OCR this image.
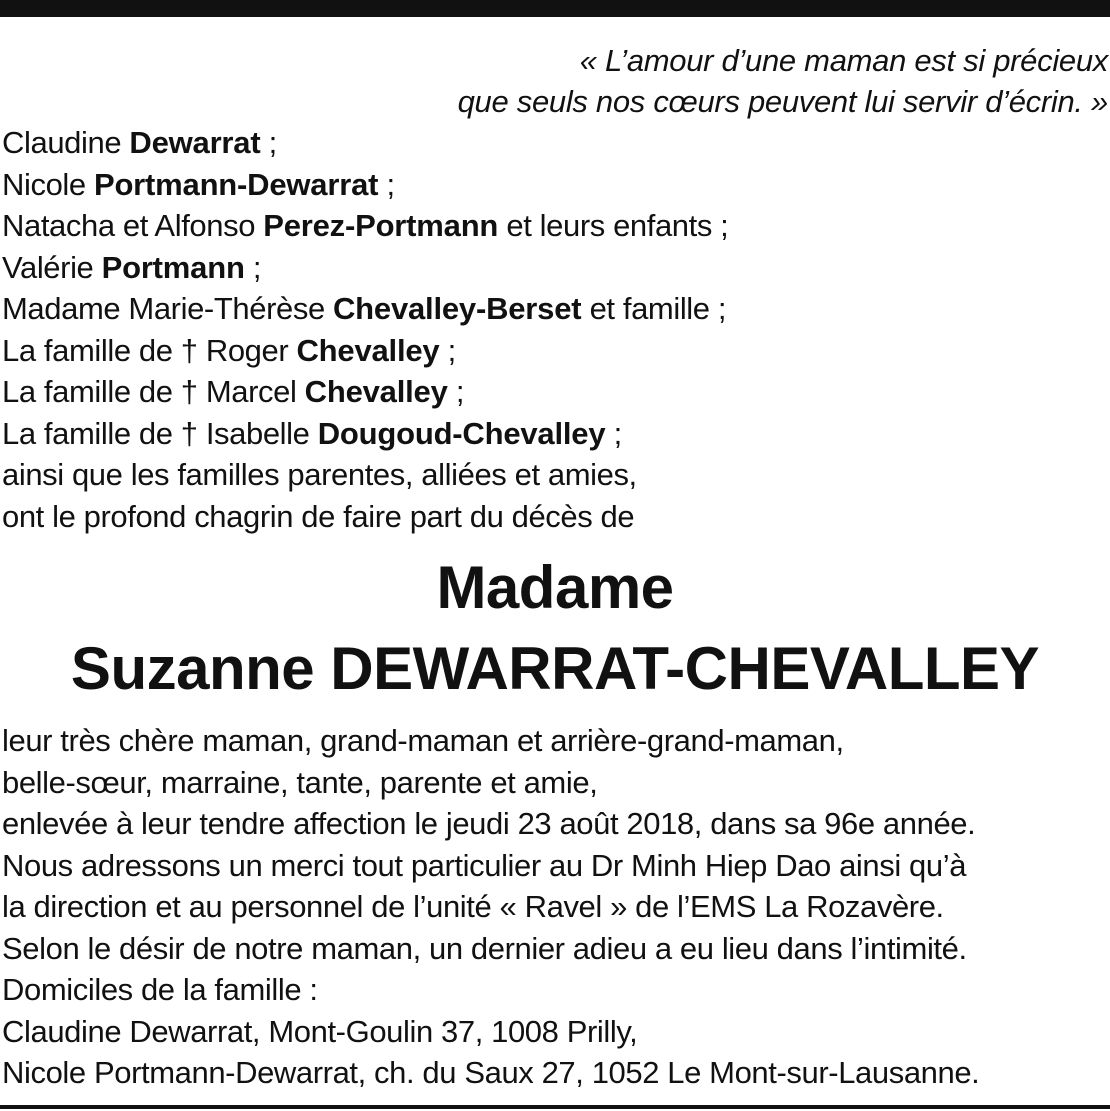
« L’amour d’une maman est si précieux
que seuls nos cœurs peuvent lui servir d’écrin. »
Claudine Dewarrat ;
Nicole Portmann-Dewarrat ;
Natacha et Alfonso Perez-Portmann et leurs enfants ;
Valérie Portmann ;
Madame Marie-Thérèse Chevalley-Berset et famille ;
La famille de † Roger Chevalley ;
La famille de † Marcel Chevalley ;
La famille de † Isabelle Dougoud-Chevalley ;
ainsi que les familles parentes, alliées et amies,
ont le profond chagrin de faire part du décès de
Madame
Suzanne DEWARRAT-CHEVALLEY
leur très chère maman, grand-maman et arrière-grand-maman,
belle-sœur, marraine, tante, parente et amie,
enlevée à leur tendre affection le jeudi 23 août 2018, dans sa 96e année.
Nous adressons un merci tout particulier au Dr Minh Hiep Dao ainsi qu’à
la direction et au personnel de l’unité « Ravel » de l’EMS La Rozavère.
Selon le désir de notre maman, un dernier adieu a eu lieu dans l’intimité.
Domiciles de la famille :
Claudine Dewarrat, Mont-Goulin 37, 1008 Prilly,
Nicole Portmann-Dewarrat, ch. du Saux 27, 1052 Le Mont-sur-Lausanne.
